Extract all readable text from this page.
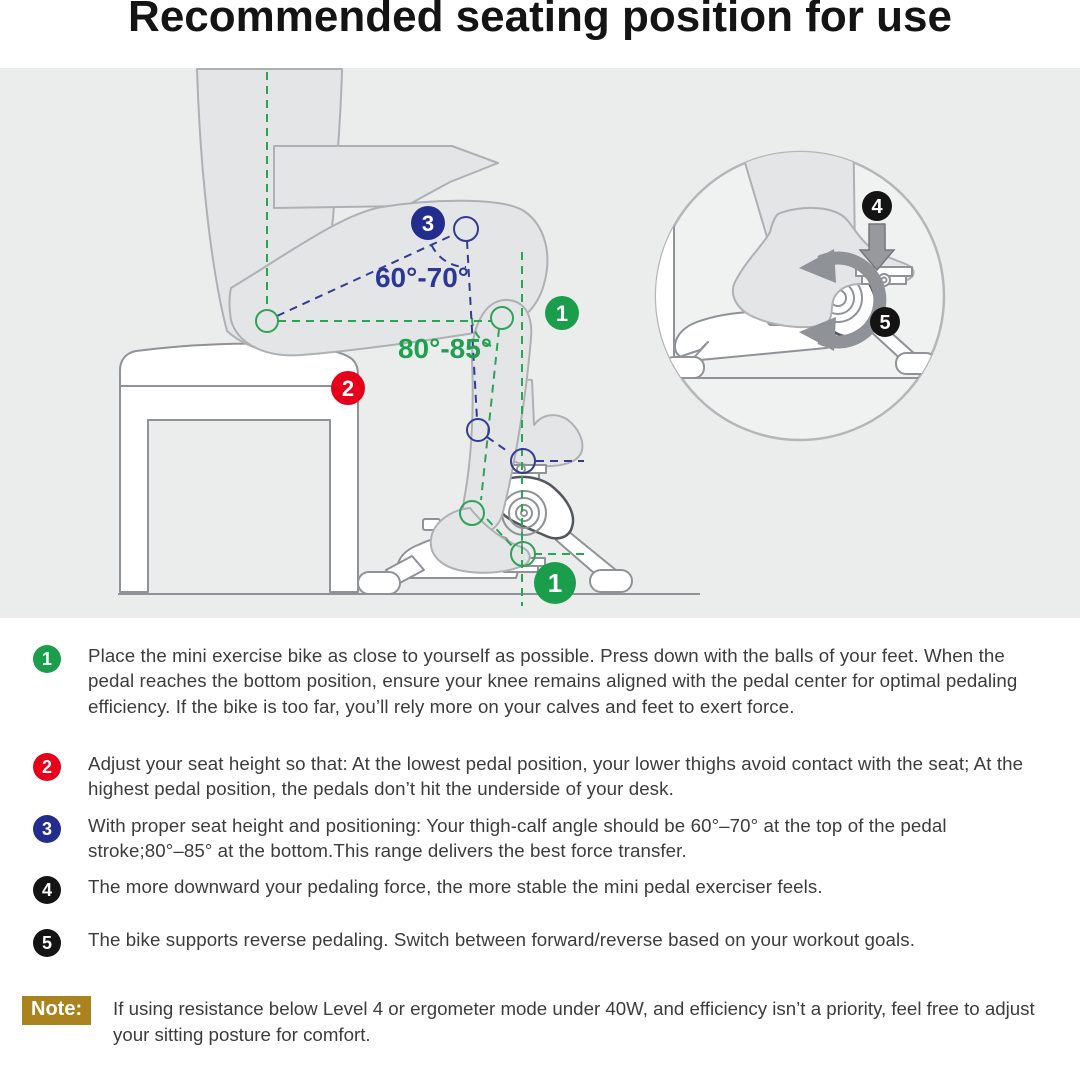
Recommended seating position for use
60°-70°
80°-85°
3
1
2
1
4
5
1	Place the mini exercise bike as close to yourself as possible. Press down with the balls of your feet. When the pedal reaches the bottom position, ensure your knee remains aligned with the pedal center for optimal pedaling efficiency. If the bike is too far, you’ll rely more on your calves and feet to exert force.
2	Adjust your seat height so that: At the lowest pedal position, your lower thighs avoid contact with the seat; At the highest pedal position, the pedals don’t hit the underside of your desk.
3	With proper seat height and positioning: Your thigh-calf angle should be 60°–70° at the top of the pedal stroke;80°–85° at the bottom.This range delivers the best force transfer.
4	The more downward your pedaling force, the more stable the mini pedal exerciser feels.
5	The bike supports reverse pedaling. Switch between forward/reverse based on your workout goals.
Note:	If using resistance below Level 4 or ergometer mode under 40W, and efficiency isn’t a priority, feel free to adjust your sitting posture for comfort.
